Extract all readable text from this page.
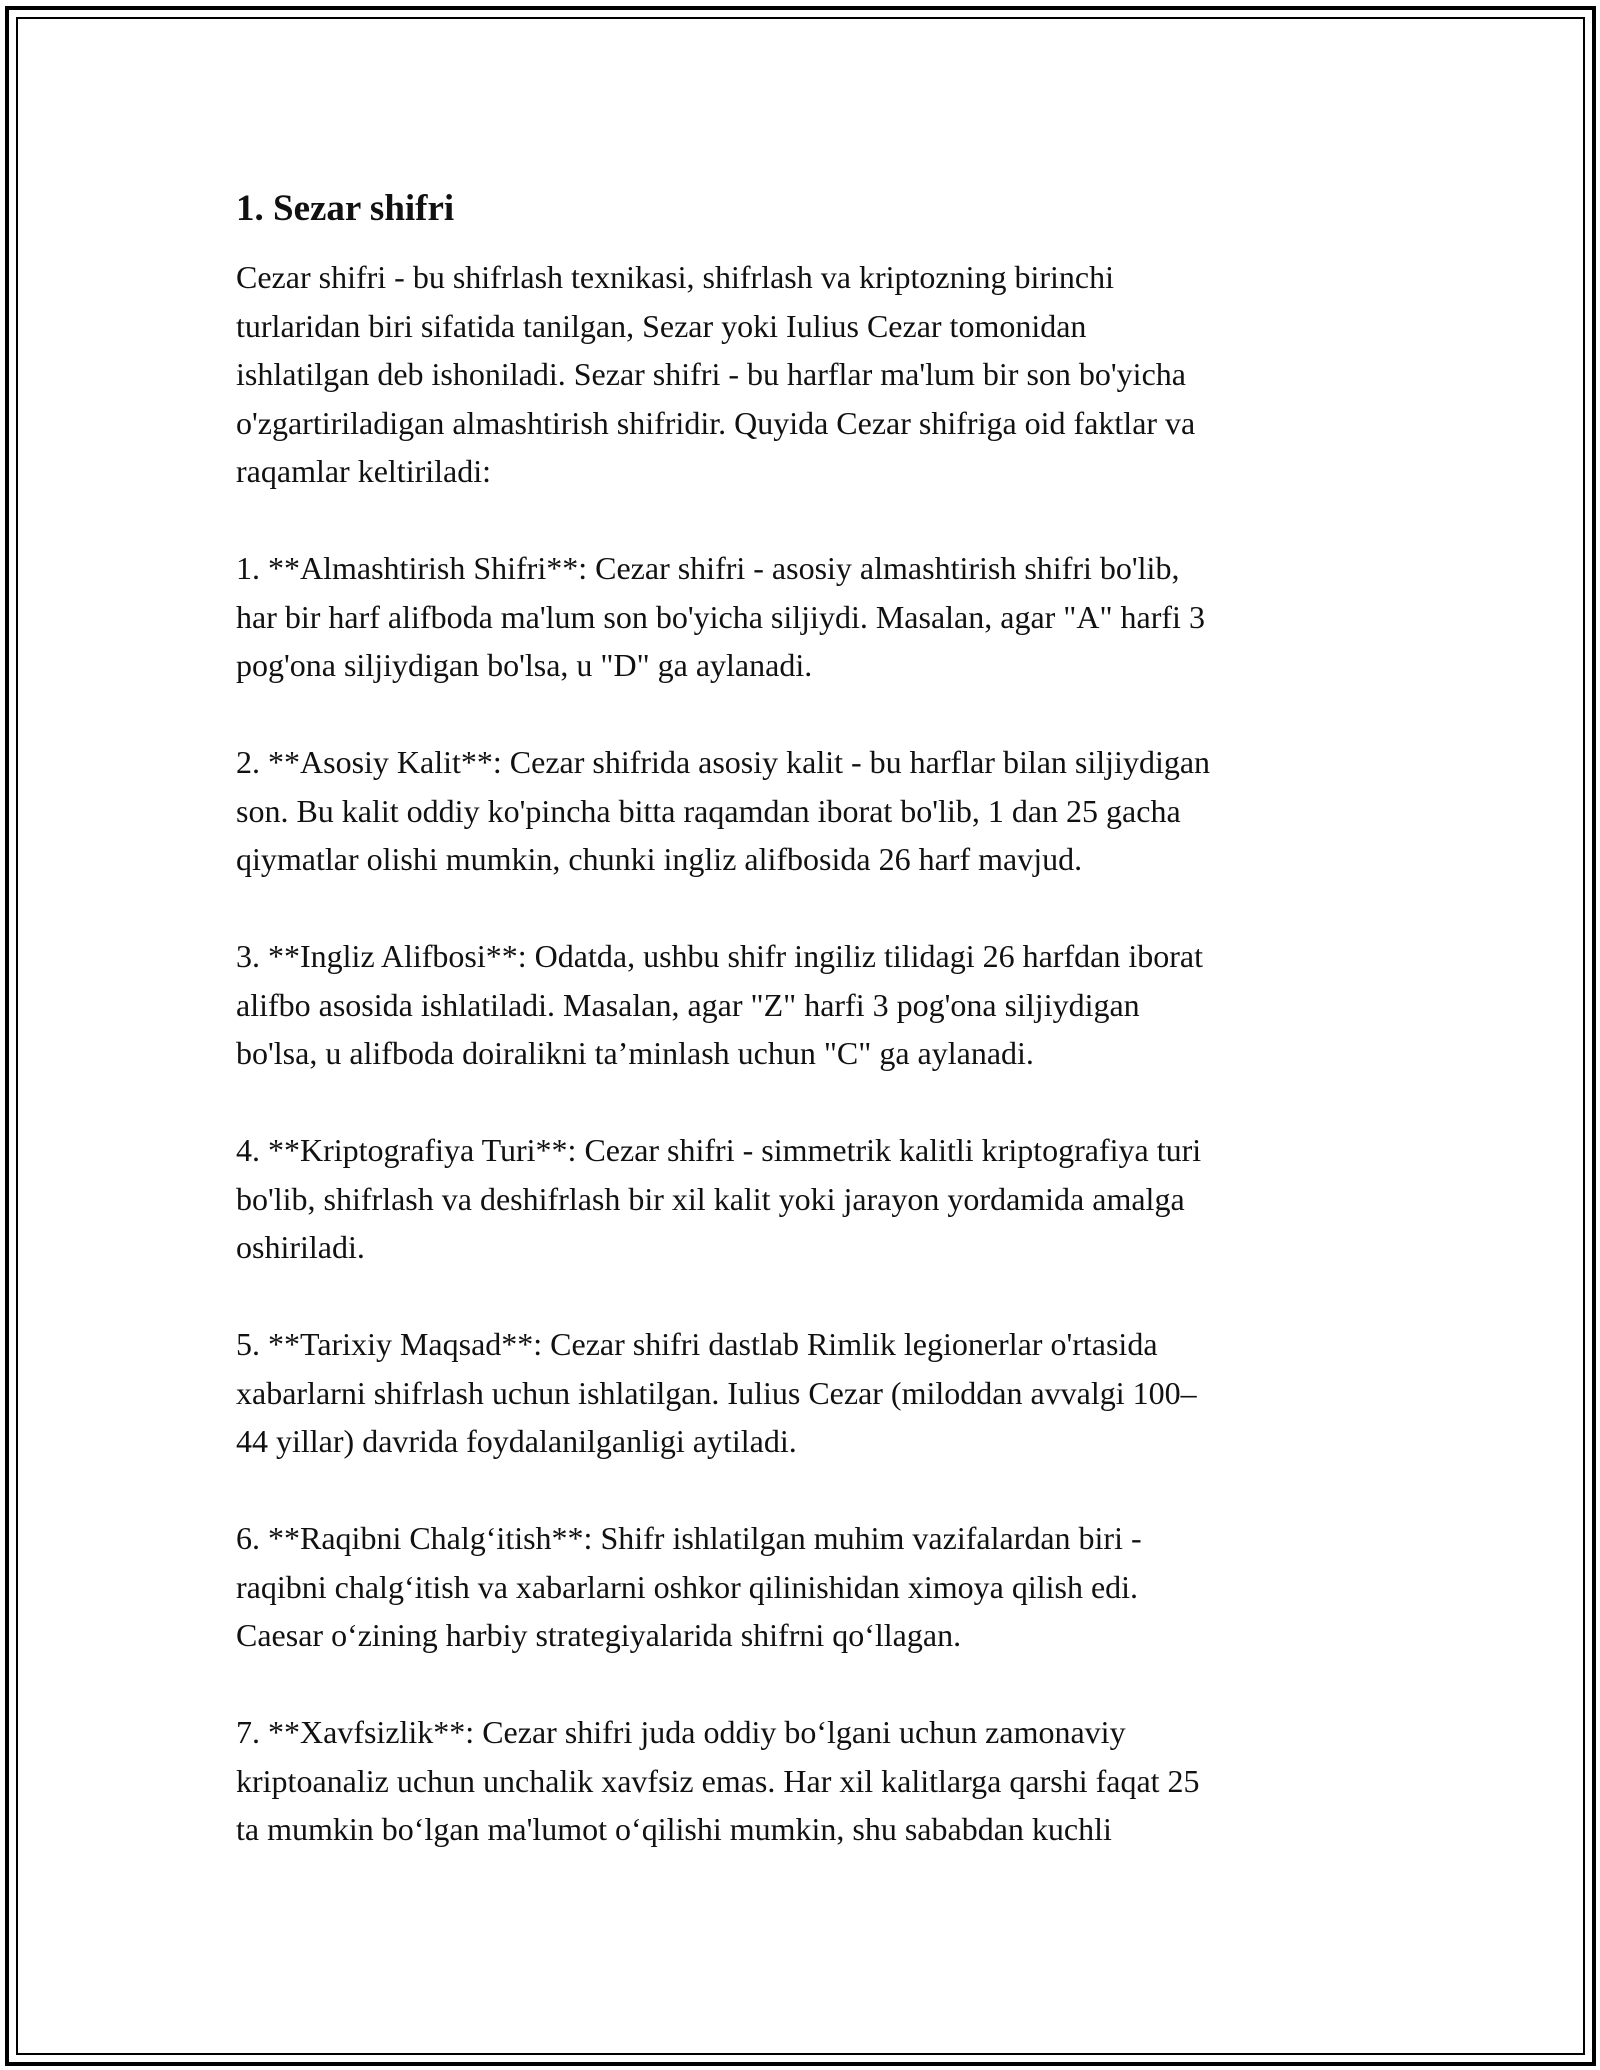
1. Sezar shifri

Cezar shifri - bu shifrlash texnikasi, shifrlash va kriptozning birinchi
turlaridan biri sifatida tanilgan, Sezar yoki Iulius Cezar tomonidan
ishlatilgan deb ishoniladi. Sezar shifri - bu harflar ma'lum bir son bo'yicha
o'zgartiriladigan almashtirish shifridir. Quyida Cezar shifriga oid faktlar va
raqamlar keltiriladi:

1. **Almashtirish Shifri**: Cezar shifri - asosiy almashtirish shifri bo'lib,
har bir harf alifboda ma'lum son bo'yicha siljiydi. Masalan, agar "A" harfi 3
pog'ona siljiydigan bo'lsa, u "D" ga aylanadi.

2. **Asosiy Kalit**: Cezar shifrida asosiy kalit - bu harflar bilan siljiydigan
son. Bu kalit oddiy ko'pincha bitta raqamdan iborat bo'lib, 1 dan 25 gacha
qiymatlar olishi mumkin, chunki ingliz alifbosida 26 harf mavjud.

3. **Ingliz Alifbosi**: Odatda, ushbu shifr ingiliz tilidagi 26 harfdan iborat
alifbo asosida ishlatiladi. Masalan, agar "Z" harfi 3 pog'ona siljiydigan
bo'lsa, u alifboda doiralikni ta’minlash uchun "C" ga aylanadi.

4. **Kriptografiya Turi**: Cezar shifri - simmetrik kalitli kriptografiya turi
bo'lib, shifrlash va deshifrlash bir xil kalit yoki jarayon yordamida amalga
oshiriladi.

5. **Tarixiy Maqsad**: Cezar shifri dastlab Rimlik legionerlar o'rtasida
xabarlarni shifrlash uchun ishlatilgan. Iulius Cezar (miloddan avvalgi 100–
44 yillar) davrida foydalanilganligi aytiladi.

6. **Raqibni Chalg‘itish**: Shifr ishlatilgan muhim vazifalardan biri -
raqibni chalg‘itish va xabarlarni oshkor qilinishidan ximoya qilish edi.
Caesar o‘zining harbiy strategiyalarida shifrni qo‘llagan.

7. **Xavfsizlik**: Cezar shifri juda oddiy bo‘lgani uchun zamonaviy
kriptoanaliz uchun unchalik xavfsiz emas. Har xil kalitlarga qarshi faqat 25
ta mumkin bo‘lgan ma'lumot o‘qilishi mumkin, shu sababdan kuchli
